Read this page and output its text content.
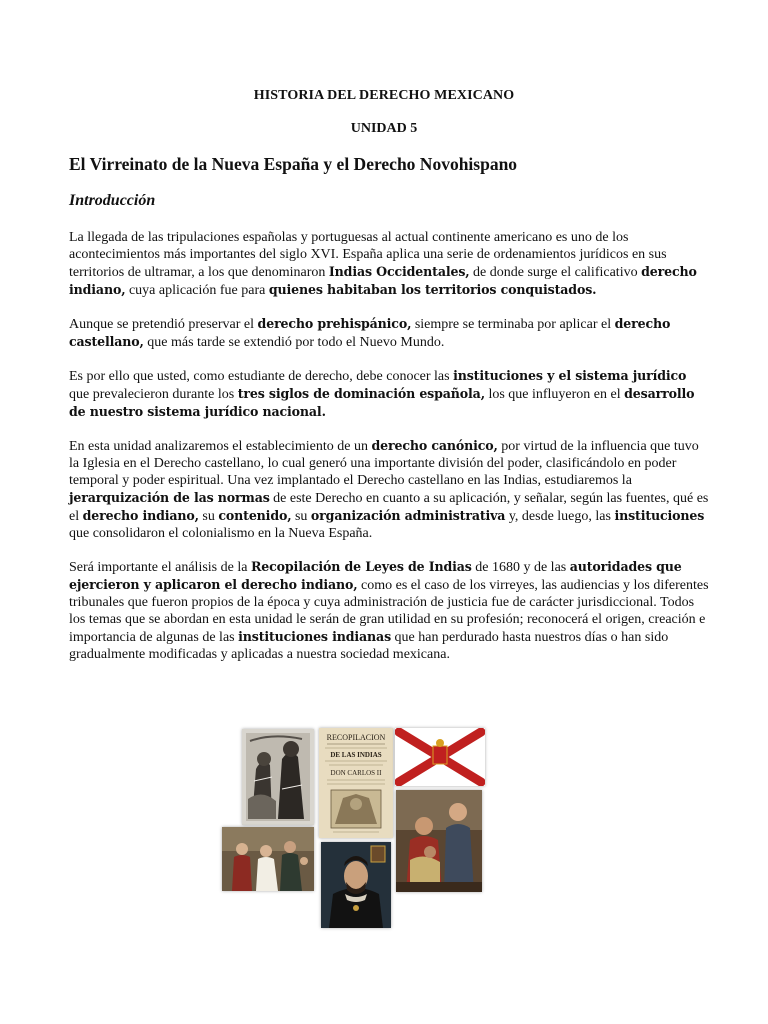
HISTORIA DEL DERECHO MEXICANO
UNIDAD 5
El Virreinato de la Nueva España y el Derecho Novohispano
Introducción

La llegada de las tripulaciones españolas y portuguesas al actual continente americano es uno de los acontecimientos más importantes del siglo XVI. España aplica una serie de ordenamientos jurídicos en sus territorios de ultramar, a los que denominaron Indias Occidentales, de donde surge el calificativo derecho indiano, cuya aplicación fue para quienes habitaban los territorios conquistados.

Aunque se pretendió preservar el derecho prehispánico, siempre se terminaba por aplicar el derecho castellano, que más tarde se extendió por todo el Nuevo Mundo.

Es por ello que usted, como estudiante de derecho, debe conocer las instituciones y el sistema jurídico que prevalecieron durante los tres siglos de dominación española, los que influyeron en el desarrollo de nuestro sistema jurídico nacional.

En esta unidad analizaremos el establecimiento de un derecho canónico, por virtud de la influencia que tuvo la Iglesia en el Derecho castellano, lo cual generó una importante división del poder, clasificándolo en poder temporal y poder espiritual. Una vez implantado el Derecho castellano en las Indias, estudiaremos la jerarquización de las normas de este Derecho en cuanto a su aplicación, y señalar, según las fuentes, qué es el derecho indiano, su contenido, su organización administrativa y, desde luego, las instituciones que consolidaron el colonialismo en la Nueva España.

Será importante el análisis de la Recopilación de Leyes de Indias de 1680 y de las autoridades que ejercieron y aplicaron el derecho indiano, como es el caso de los virreyes, las audiencias y los diferentes tribunales que fueron propios de la época y cuya administración de justicia fue de carácter jurisdiccional. Todos los temas que se abordan en esta unidad le serán de gran utilidad en su profesión; reconocerá el origen, creación e importancia de algunas de las instituciones indianas que han perdurado hasta nuestros días o han sido gradualmente modificadas y aplicadas a nuestra sociedad mexicana.

RECOPILACION
DE LAS INDIAS
DON CARLOS II
